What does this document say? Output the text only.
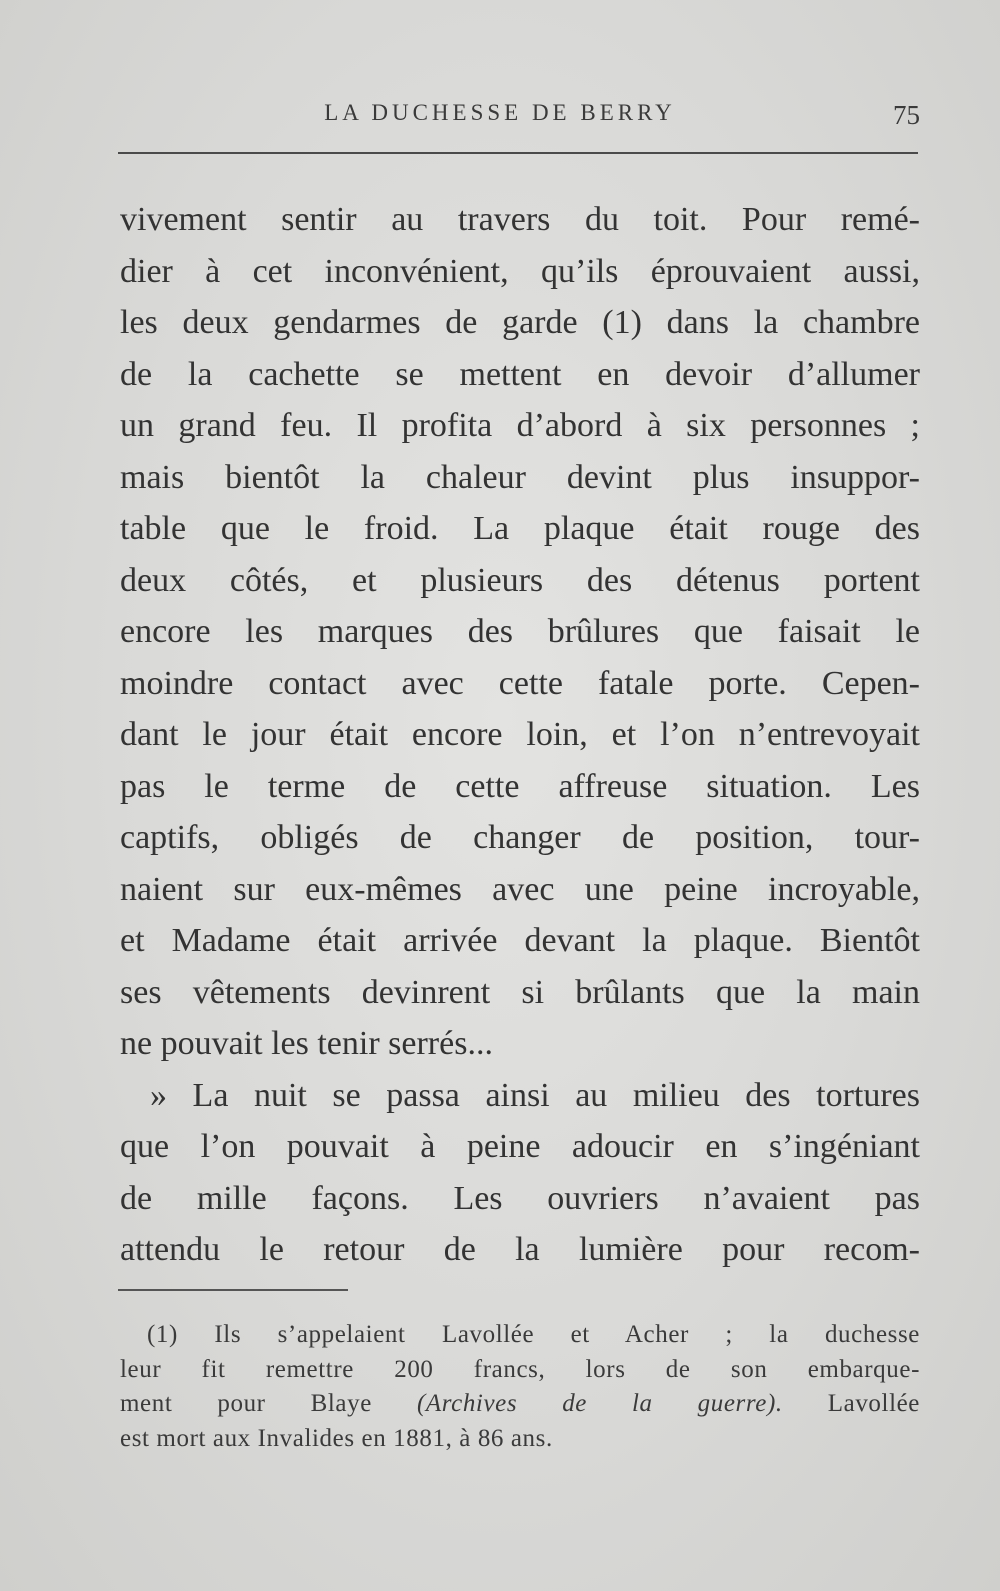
LA DUCHESSE DE BERRY	75
vivement sentir au travers du toit. Pour remé-
dier à cet inconvénient, qu’ils éprouvaient aussi,
les deux gendarmes de garde (1) dans la chambre
de la cachette se mettent en devoir d’allumer
un grand feu. Il profita d’abord à six personnes ;
mais bientôt la chaleur devint plus insuppor-
table que le froid. La plaque était rouge des
deux côtés, et plusieurs des détenus portent
encore les marques des brûlures que faisait le
moindre contact avec cette fatale porte. Cepen-
dant le jour était encore loin, et l’on n’entrevoyait
pas le terme de cette affreuse situation. Les
captifs, obligés de changer de position, tour-
naient sur eux-mêmes avec une peine incroyable,
et Madame était arrivée devant la plaque. Bientôt
ses vêtements devinrent si brûlants que la main
ne pouvait les tenir serrés...
» La nuit se passa ainsi au milieu des tortures
que l’on pouvait à peine adoucir en s’ingéniant
de mille façons. Les ouvriers n’avaient pas
attendu le retour de la lumière pour recom-
(1) Ils s’appelaient Lavollée et Acher ; la duchesse
leur fit remettre 200 francs, lors de son embarque-
ment pour Blaye (Archives de la guerre). Lavollée
est mort aux Invalides en 1881, à 86 ans.
